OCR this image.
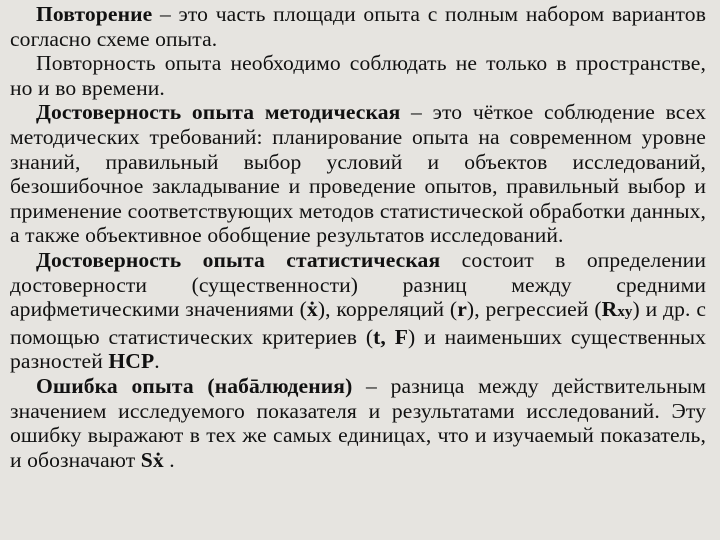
Повторение – это часть площади опыта с полным набором вариантов согласно схеме опыта.

Повторность опыта необходимо соблюдать не только в пространстве, но и во времени.

Достоверность опыта методическая – это чёткое соблюдение всех методических требований: планирование опыта на современном уровне знаний, правильный выбор условий и объектов исследований, безошибочное закладывание и проведение опытов, правильный выбор и применение соответствующих методов статистической обработки данных, а также объективное обобщение результатов исследований.

Достоверность опыта статистическая состоит в определении достоверности (существенности) разниц между средними арифметическими значениями (ẋ), корреляций (r), регрессией (Rxy) и др. с помощью статистических критериев (t, F) и наименьших существенных разностей НСР.

Ошибка опыта (набāлюдения) – разница между действительным значением исследуемого показателя и результатами исследований. Эту ошибку выражают в тех же самых единицах, что и изучаемый показатель, и обозначают Sẋ .
